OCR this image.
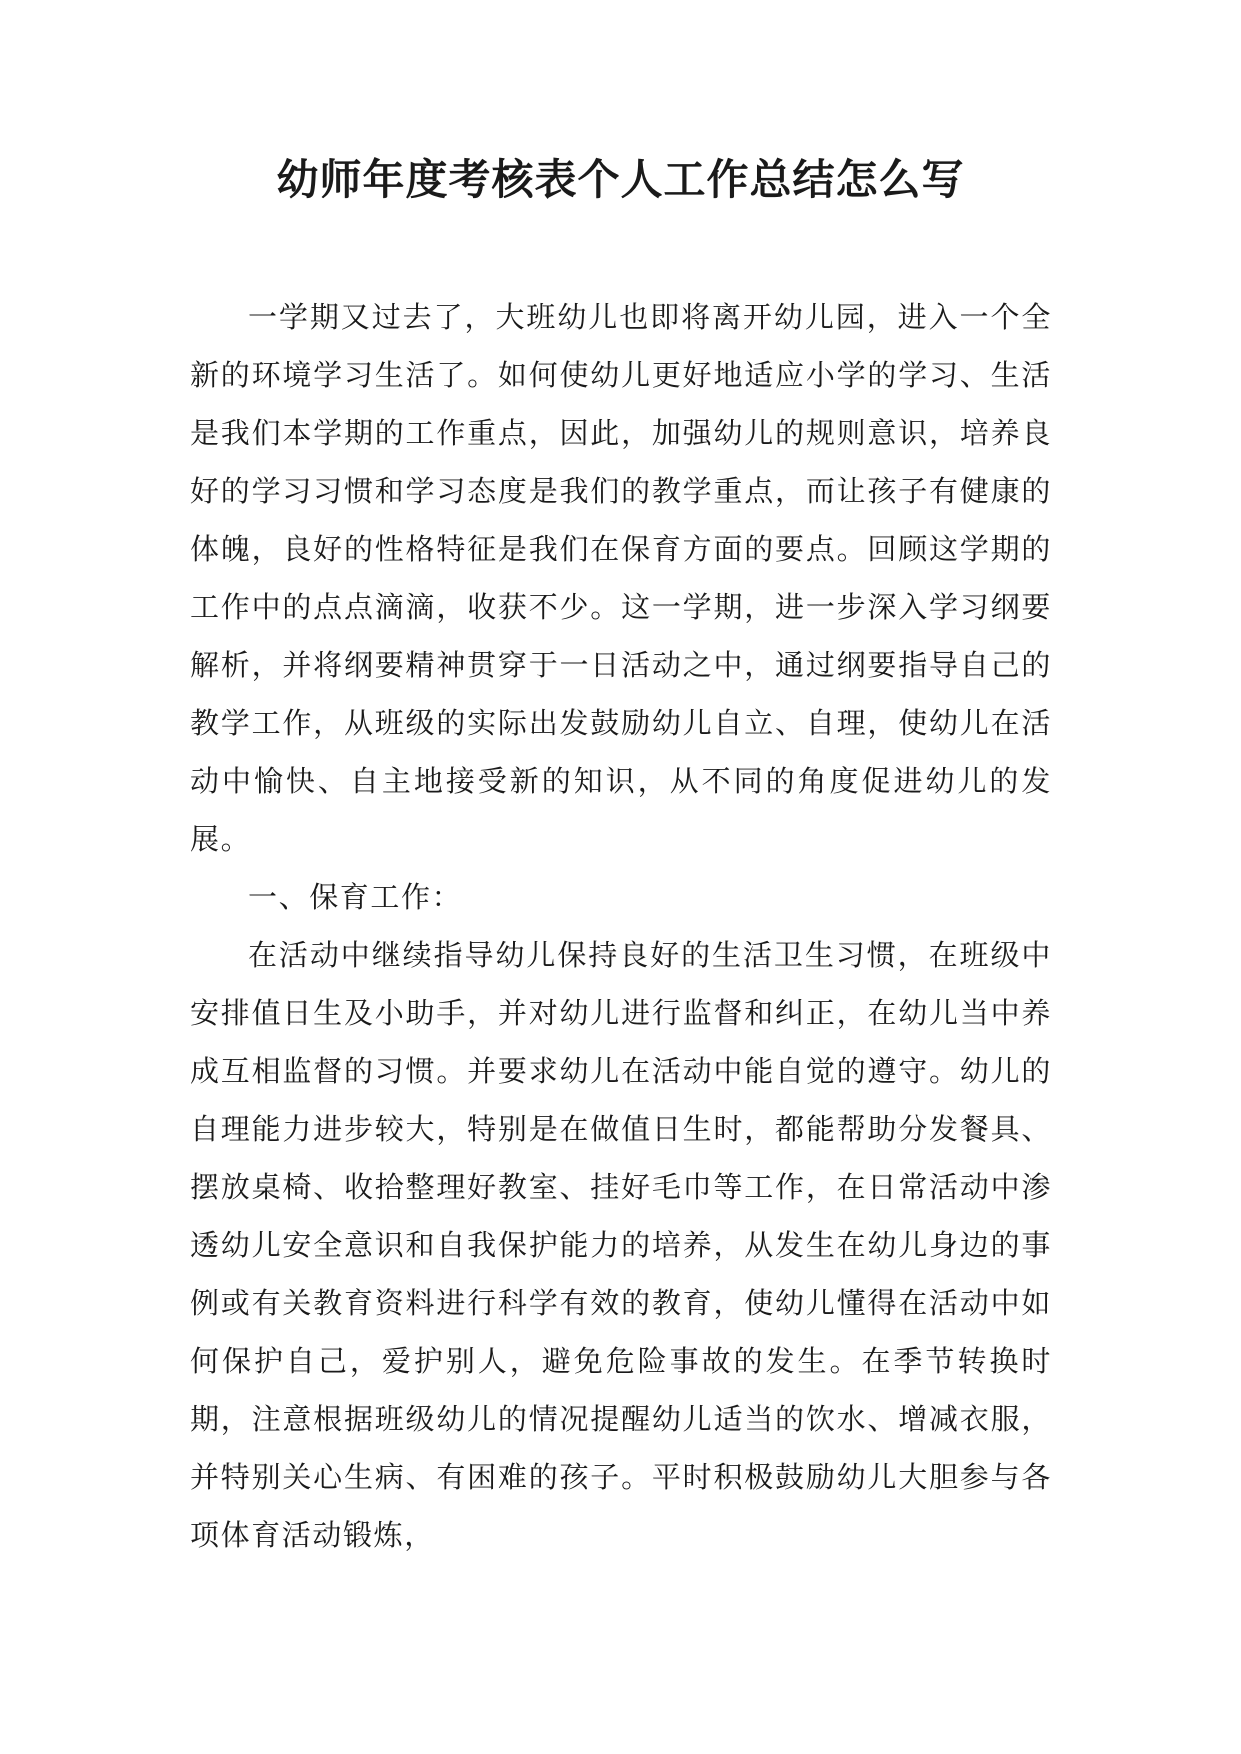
幼师年度考核表个人工作总结怎么写

一学期又过去了，大班幼儿也即将离开幼儿园，进入一个全新的环境学习生活了。如何使幼儿更好地适应小学的学习、生活是我们本学期的工作重点，因此，加强幼儿的规则意识，培养良好的学习习惯和学习态度是我们的教学重点，而让孩子有健康的体魄，良好的性格特征是我们在保育方面的要点。回顾这学期的工作中的点点滴滴，收获不少。这一学期，进一步深入学习纲要解析，并将纲要精神贯穿于一日活动之中，通过纲要指导自己的教学工作，从班级的实际出发鼓励幼儿自立、自理，使幼儿在活动中愉快、自主地接受新的知识，从不同的角度促进幼儿的发展。

一、保育工作：

在活动中继续指导幼儿保持良好的生活卫生习惯，在班级中安排值日生及小助手，并对幼儿进行监督和纠正，在幼儿当中养成互相监督的习惯。并要求幼儿在活动中能自觉的遵守。幼儿的自理能力进步较大，特别是在做值日生时，都能帮助分发餐具、摆放桌椅、收拾整理好教室、挂好毛巾等工作，在日常活动中渗透幼儿安全意识和自我保护能力的培养，从发生在幼儿身边的事例或有关教育资料进行科学有效的教育，使幼儿懂得在活动中如何保护自己，爱护别人，避免危险事故的发生。在季节转换时期，注意根据班级幼儿的情况提醒幼儿适当的饮水、增减衣服，并特别关心生病、有困难的孩子。平时积极鼓励幼儿大胆参与各项体育活动锻炼，
